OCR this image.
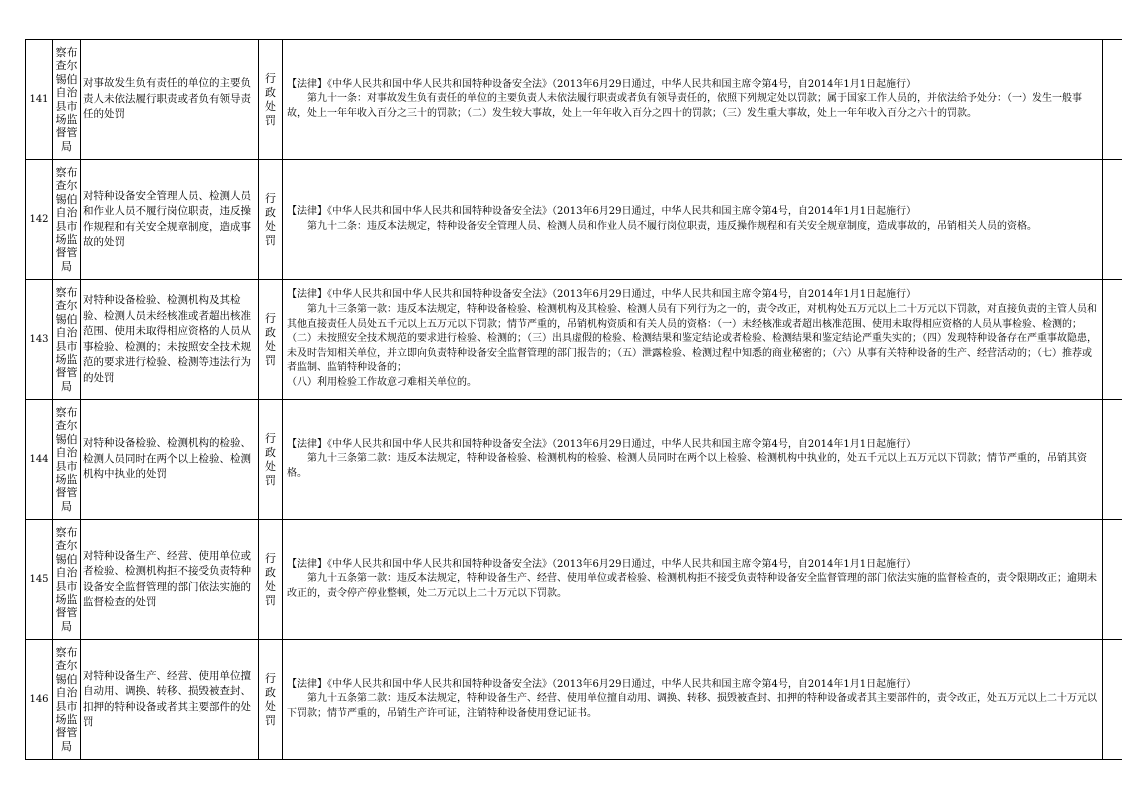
141	察布查尔锡伯自治县市场监督管局	对事故发生负有责任的单位的主要负责人未依法履行职责或者负有领导责任的处罚	行政处罚	【法律】《中华人民共和国中华人民共和国特种设备安全法》（2013年6月29日通过，中华人民共和国主席令第4号，自2014年1月1日起施行）
第九十一条：对事故发生负有责任的单位的主要负责人未依法履行职责或者负有领导责任的，依照下列规定处以罚款；属于国家工作人员的，并依法给予处分：（一）发生一般事故，处上一年年收入百分之三十的罚款；（二）发生较大事故，处上一年年收入百分之四十的罚款；（三）发生重大事故，处上一年年收入百分之六十的罚款。	

142	察布查尔锡伯自治县市场监督管局	对特种设备安全管理人员、检测人员和作业人员不履行岗位职责，违反操作规程和有关安全规章制度，造成事故的处罚	行政处罚	【法律】《中华人民共和国中华人民共和国特种设备安全法》（2013年6月29日通过，中华人民共和国主席令第4号，自2014年1月1日起施行）
第九十二条：违反本法规定，特种设备安全管理人员、检测人员和作业人员不履行岗位职责，违反操作规程和有关安全规章制度，造成事故的，吊销相关人员的资格。	

143	察布查尔锡伯自治县市场监督管局	对特种设备检验、检测机构及其检验、检测人员未经核准或者超出核准范围、使用未取得相应资格的人员从事检验、检测的；未按照安全技术规范的要求进行检验、检测等违法行为的处罚	行政处罚	【法律】《中华人民共和国中华人民共和国特种设备安全法》（2013年6月29日通过，中华人民共和国主席令第4号，自2014年1月1日起施行）
第九十三条第一款：违反本法规定，特种设备检验、检测机构及其检验、检测人员有下列行为之一的，责令改正，对机构处五万元以上二十万元以下罚款，对直接负责的主管人员和其他直接责任人员处五千元以上五万元以下罚款；情节严重的，吊销机构资质和有关人员的资格：（一）未经核准或者超出核准范围、使用未取得相应资格的人员从事检验、检测的；（二）未按照安全技术规范的要求进行检验、检测的；（三）出具虚假的检验、检测结果和鉴定结论或者检验、检测结果和鉴定结论严重失实的；（四）发现特种设备存在严重事故隐患，未及时告知相关单位，并立即向负责特种设备安全监督管理的部门报告的；（五）泄露检验、检测过程中知悉的商业秘密的；（六）从事有关特种设备的生产、经营活动的；（七）推荐或者监制、监销特种设备的；
（八）利用检验工作故意刁难相关单位的。	

144	察布查尔锡伯自治县市场监督管局	对特种设备检验、检测机构的检验、检测人员同时在两个以上检验、检测机构中执业的处罚	行政处罚	【法律】《中华人民共和国中华人民共和国特种设备安全法》（2013年6月29日通过，中华人民共和国主席令第4号，自2014年1月1日起施行）
第九十三条第二款：违反本法规定，特种设备检验、检测机构的检验、检测人员同时在两个以上检验、检测机构中执业的，处五千元以上五万元以下罚款；情节严重的，吊销其资格。	

145	察布查尔锡伯自治县市场监督管局	对特种设备生产、经营、使用单位或者检验、检测机构拒不接受负责特种设备安全监督管理的部门依法实施的监督检查的处罚	行政处罚	【法律】《中华人民共和国中华人民共和国特种设备安全法》（2013年6月29日通过，中华人民共和国主席令第4号，自2014年1月1日起施行）
第九十五条第一款：违反本法规定，特种设备生产、经营、使用单位或者检验、检测机构拒不接受负责特种设备安全监督管理的部门依法实施的监督检查的，责令限期改正；逾期未改正的，责令停产停业整顿，处二万元以上二十万元以下罚款。	

146	察布查尔锡伯自治县市场监督管局	对特种设备生产、经营、使用单位擅自动用、调换、转移、损毁被查封、扣押的特种设备或者其主要部件的处罚	行政处罚	【法律】《中华人民共和国中华人民共和国特种设备安全法》（2013年6月29日通过，中华人民共和国主席令第4号，自2014年1月1日起施行）
第九十五条第二款：违反本法规定，特种设备生产、经营、使用单位擅自动用、调换、转移、损毁被查封、扣押的特种设备或者其主要部件的，责令改正，处五万元以上二十万元以下罚款；情节严重的，吊销生产许可证，注销特种设备使用登记证书。	
